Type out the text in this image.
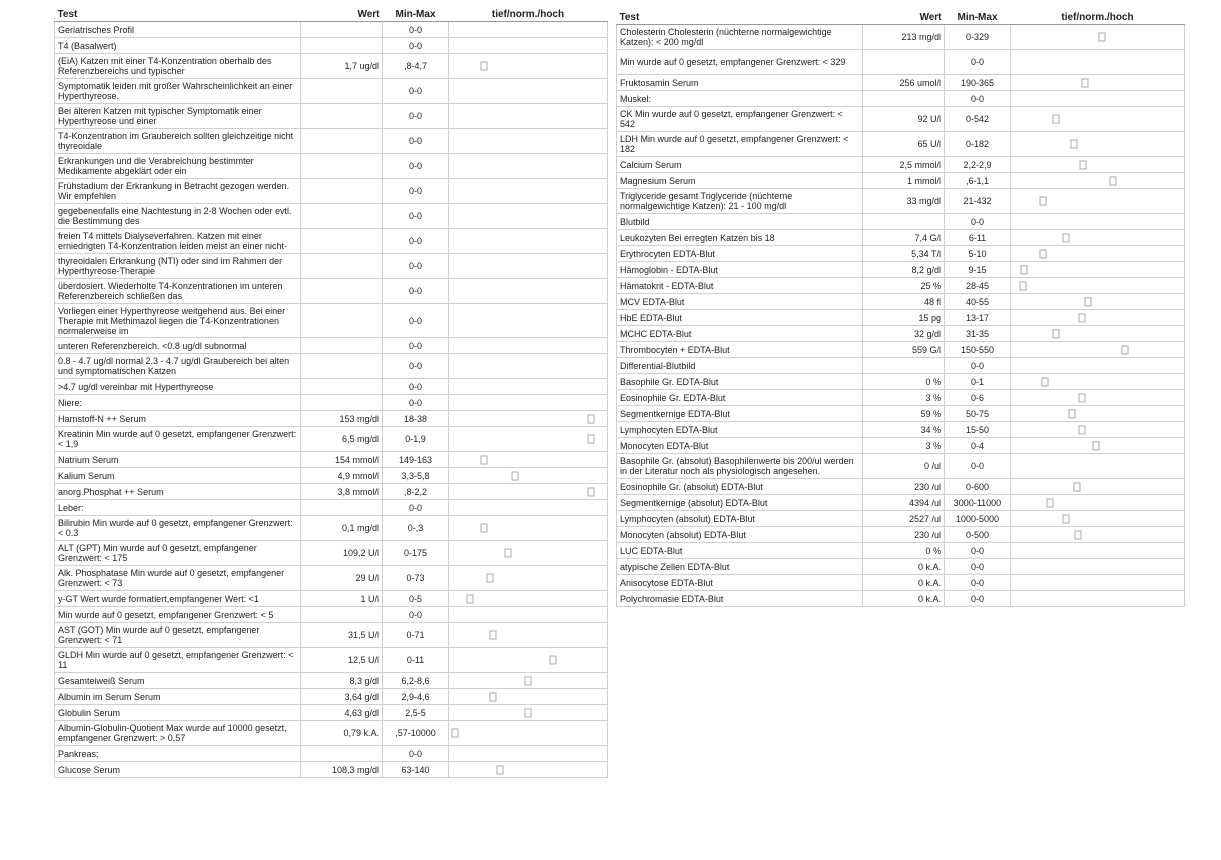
Test	Wert	Min-Max	tief/norm./hoch
Geriatrisches Profil		0-0	
T4 (Basalwert)		0-0	
(EiA) Katzen mit einer T4-Konzentration oberhalb des Referenzbereichs und typischer	1,7 ug/dl	,8-4,7	

Symptomatik leiden mit großer Wahrscheinlichkeit an einer Hyperthyreose.		0-0	
Bei älteren Katzen mit typischer Symptomatik einer Hyperthyreose und einer		0-0	
T4-Konzentration im Graubereich sollten gleichzeitige nicht thyreoidale		0-0	
Erkrankungen und die Verabreichung bestimmter Medikamente abgeklärt oder ein		0-0	
Frühstadium der Erkrankung in Betracht gezogen werden. Wir empfehlen		0-0	
gegebenenfalls eine Nachtestung in 2-8 Wochen oder evtl. die Bestimmung des		0-0	
freien T4 mittels Dialyseverfahren. Katzen mit einer erniedrigten T4-Konzentration leiden meist an einer nicht-		0-0	
thyreoidalen Erkrankung (NTI) oder sind im Rahmen der Hyperthyreose-Therapie		0-0	
überdosiert. Wiederholte T4-Konzentrationen im unteren Referenzbereich schließen das		0-0	
Vorliegen einer Hyperthyreose weitgehend aus. Bei einer Therapie mit Methimazol liegen die T4-Konzentrationen normalerweise im		0-0	
unteren Referenzbereich. <0.8 ug/dl subnormal		0-0	
0.8 - 4.7 ug/dl normal 2.3 - 4.7 ug/dl Graubereich bei alten und symptomatischen Katzen		0-0	
>4.7 ug/dl vereinbar mit Hyperthyreose		0-0	
Niere:		0-0	
Harnstoff-N ++ Serum	153 mg/dl	18-38	

Kreatinin Min wurde auf 0 gesetzt, empfangener Grenzwert: < 1,9	6,5 mg/dl	0-1,9	

Natrium Serum	154 mmol/l	149-163	

Kalium Serum	4,9 mmol/l	3,3-5,8	

anorg.Phosphat ++ Serum	3,8 mmol/l	,8-2,2	

Leber:		0-0	
Bilirubin Min wurde auf 0 gesetzt, empfangener Grenzwert: < 0.3	0,1 mg/dl	0-,3	

ALT (GPT) Min wurde auf 0 gesetzt, empfangener Grenzwert: < 175	109,2 U/l	0-175	

Alk. Phosphatase Min wurde auf 0 gesetzt, empfangener Grenzwert: < 73	29 U/l	0-73	

y-GT Wert wurde formatiert,empfangener Wert: <1	1 U/l	0-5	

Min wurde auf 0 gesetzt, empfangener Grenzwert: < 5		0-0	
AST (GOT) Min wurde auf 0 gesetzt, empfangener Grenzwert: < 71	31,5 U/l	0-71	

GLDH Min wurde auf 0 gesetzt, empfangener Grenzwert: < 11	12,5 U/l	0-11	

Gesamteiweiß Serum	8,3 g/dl	6,2-8,6	

Albumin im Serum Serum	3,64 g/dl	2,9-4,6	

Globulin Serum	4,63 g/dl	2,5-5	

Albumin-Globulin-Quotient Max wurde auf 10000 gesetzt, empfangener Grenzwert: > 0,57	0,79 k.A.	,57-10000	

Pankreas:		0-0	
Glucose Serum	108,3 mg/dl	63-140	
Test	Wert	Min-Max	tief/norm./hoch
Cholesterin Cholesterin (nüchterne normalgewichtige Katzen): < 200 mg/dl	213 mg/dl	0-329	

Min wurde auf 0 gesetzt, empfangener Grenzwert: < 329		0-0	
Fruktosamin Serum	256 umol/l	190-365	

Muskel:		0-0	
CK Min wurde auf 0 gesetzt, empfangener Grenzwert: < 542	92 U/l	0-542	

LDH Min wurde auf 0 gesetzt, empfangener Grenzwert: < 182	65 U/l	0-182	

Calcium Serum	2,5 mmol/l	2,2-2,9	

Magnesium Serum	1 mmol/l	,6-1,1	

Triglyceride gesamt Triglyceride (nüchterne normalgewichtige Katzen): 21 - 100 mg/dl	33 mg/dl	21-432	

Blutbild		0-0	
Leukozyten Bei erregten Katzen bis 18	7,4 G/l	6-11	

Erythrocyten EDTA-Blut	5,34 T/l	5-10	

Hämoglobin - EDTA-Blut	8,2 g/dl	9-15	

Hämatokrit - EDTA-Blut	25 %	28-45	

MCV EDTA-Blut	48 fl	40-55	

HbE EDTA-Blut	15 pg	13-17	

MCHC EDTA-Blut	32 g/dl	31-35	

Thrombocyten + EDTA-Blut	559 G/l	150-550	

Differential-Blutbild		0-0	
Basophile Gr. EDTA-Blut	0 %	0-1	

Eosinophile Gr. EDTA-Blut	3 %	0-6	

Segmentkernige EDTA-Blut	59 %	50-75	

Lymphocyten EDTA-Blut	34 %	15-50	

Monocyten EDTA-Blut	3 %	0-4	

Basophile Gr. (absolut) Basophilenwerte bis 200/ul werden in der Literatur noch als physiologisch angesehen.	0 /ul	0-0	
Eosinophile Gr. (absolut) EDTA-Blut	230 /ul	0-600	

Segmentkernige (absolut) EDTA-Blut	4394 /ul	3000-11000	

Lymphocyten (absolut) EDTA-Blut	2527 /ul	1000-5000	

Monocyten (absolut) EDTA-Blut	230 /ul	0-500	

LUC EDTA-Blut	0 %	0-0	
atypische Zellen EDTA-Blut	0 k.A.	0-0	
Anisocytose EDTA-Blut	0 k.A.	0-0	
Polychromasie EDTA-Blut	0 k.A.	0-0	
